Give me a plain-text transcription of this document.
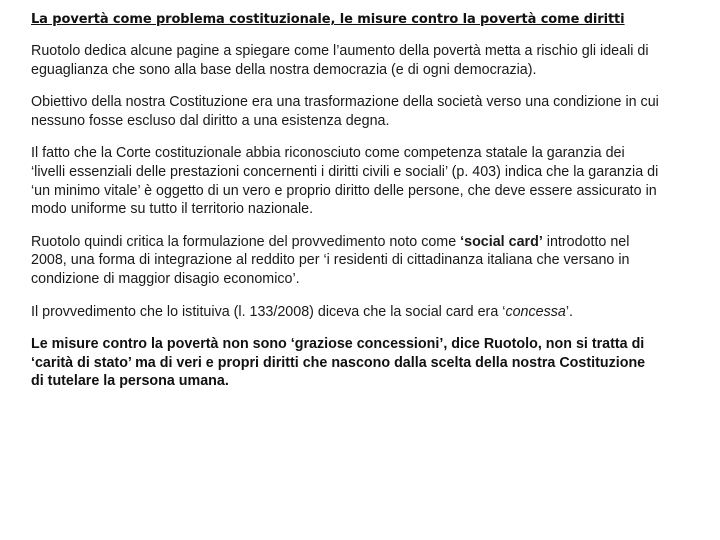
La povertà come problema costituzionale, le misure contro la povertà come diritti

Ruotolo dedica alcune pagine a spiegare come l’aumento della povertà metta a rischio gli ideali di eguaglianza che sono alla base della nostra democrazia (e di ogni democrazia).

Obiettivo della nostra Costituzione era una trasformazione della società verso una condizione in cui nessuno fosse escluso dal diritto a una esistenza degna.

Il fatto che la Corte costituzionale abbia riconosciuto come competenza statale la garanzia dei ‘livelli essenziali delle prestazioni concernenti i diritti civili e sociali’ (p. 403) indica che la garanzia di ‘un minimo vitale’ è oggetto di un vero e proprio diritto delle persone, che deve essere assicurato in modo uniforme su tutto il territorio nazionale.

Ruotolo quindi critica la formulazione del provvedimento noto come ‘social card’ introdotto nel 2008, una forma di integrazione al reddito per ‘i residenti di cittadinanza italiana che versano in condizione di maggior disagio economico’.

Il provvedimento che lo istituiva (l. 133/2008) diceva che la social card era ‘concessa’.

Le misure contro la povertà non sono ‘graziose concessioni’, dice Ruotolo, non si tratta di ‘carità di stato’ ma di veri e propri diritti che nascono dalla scelta della nostra Costituzione di tutelare la persona umana.
